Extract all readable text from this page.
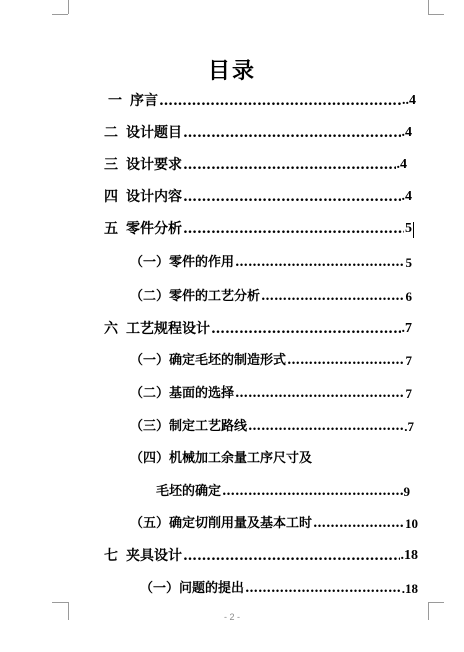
目录
一 序言 ……………………………………………………………………………………………………………………	..4
二 设计题目 ……………………………………………………………………………………………………………………	.4
三 设计要求 ……………………………………………………………………………………………………………………	.4
四 设计内容 ……………………………………………………………………………………………………………………	.4
五 零件分析 ……………………………………………………………………………………………………………………	5
（一）零件的作用 ……………………………………………………………………………………………………………………	5
（二）零件的工艺分析 ……………………………………………………………………………………………………………………	6
六 工艺规程设计 ……………………………………………………………………………………………………………………	.7
（一）确定毛坯的制造形式 ……………………………………………………………………………………………………………………	7
（二）基面的选择 ……………………………………………………………………………………………………………………	7
（三）制定工艺路线 ……………………………………………………………………………………………………………………	.7
（四）机械加工余量工序尺寸及
毛坯的确定 ……………………………………………………………………………………………………………………	9
（五）确定切削用量及基本工时 ……………………………………………………………………………………………………………………	10
七 夹具设计 ……………………………………………………………………………………………………………………	.18
（一）问题的提出 ……………………………………………………………………………………………………………………	.18
- 2 -
